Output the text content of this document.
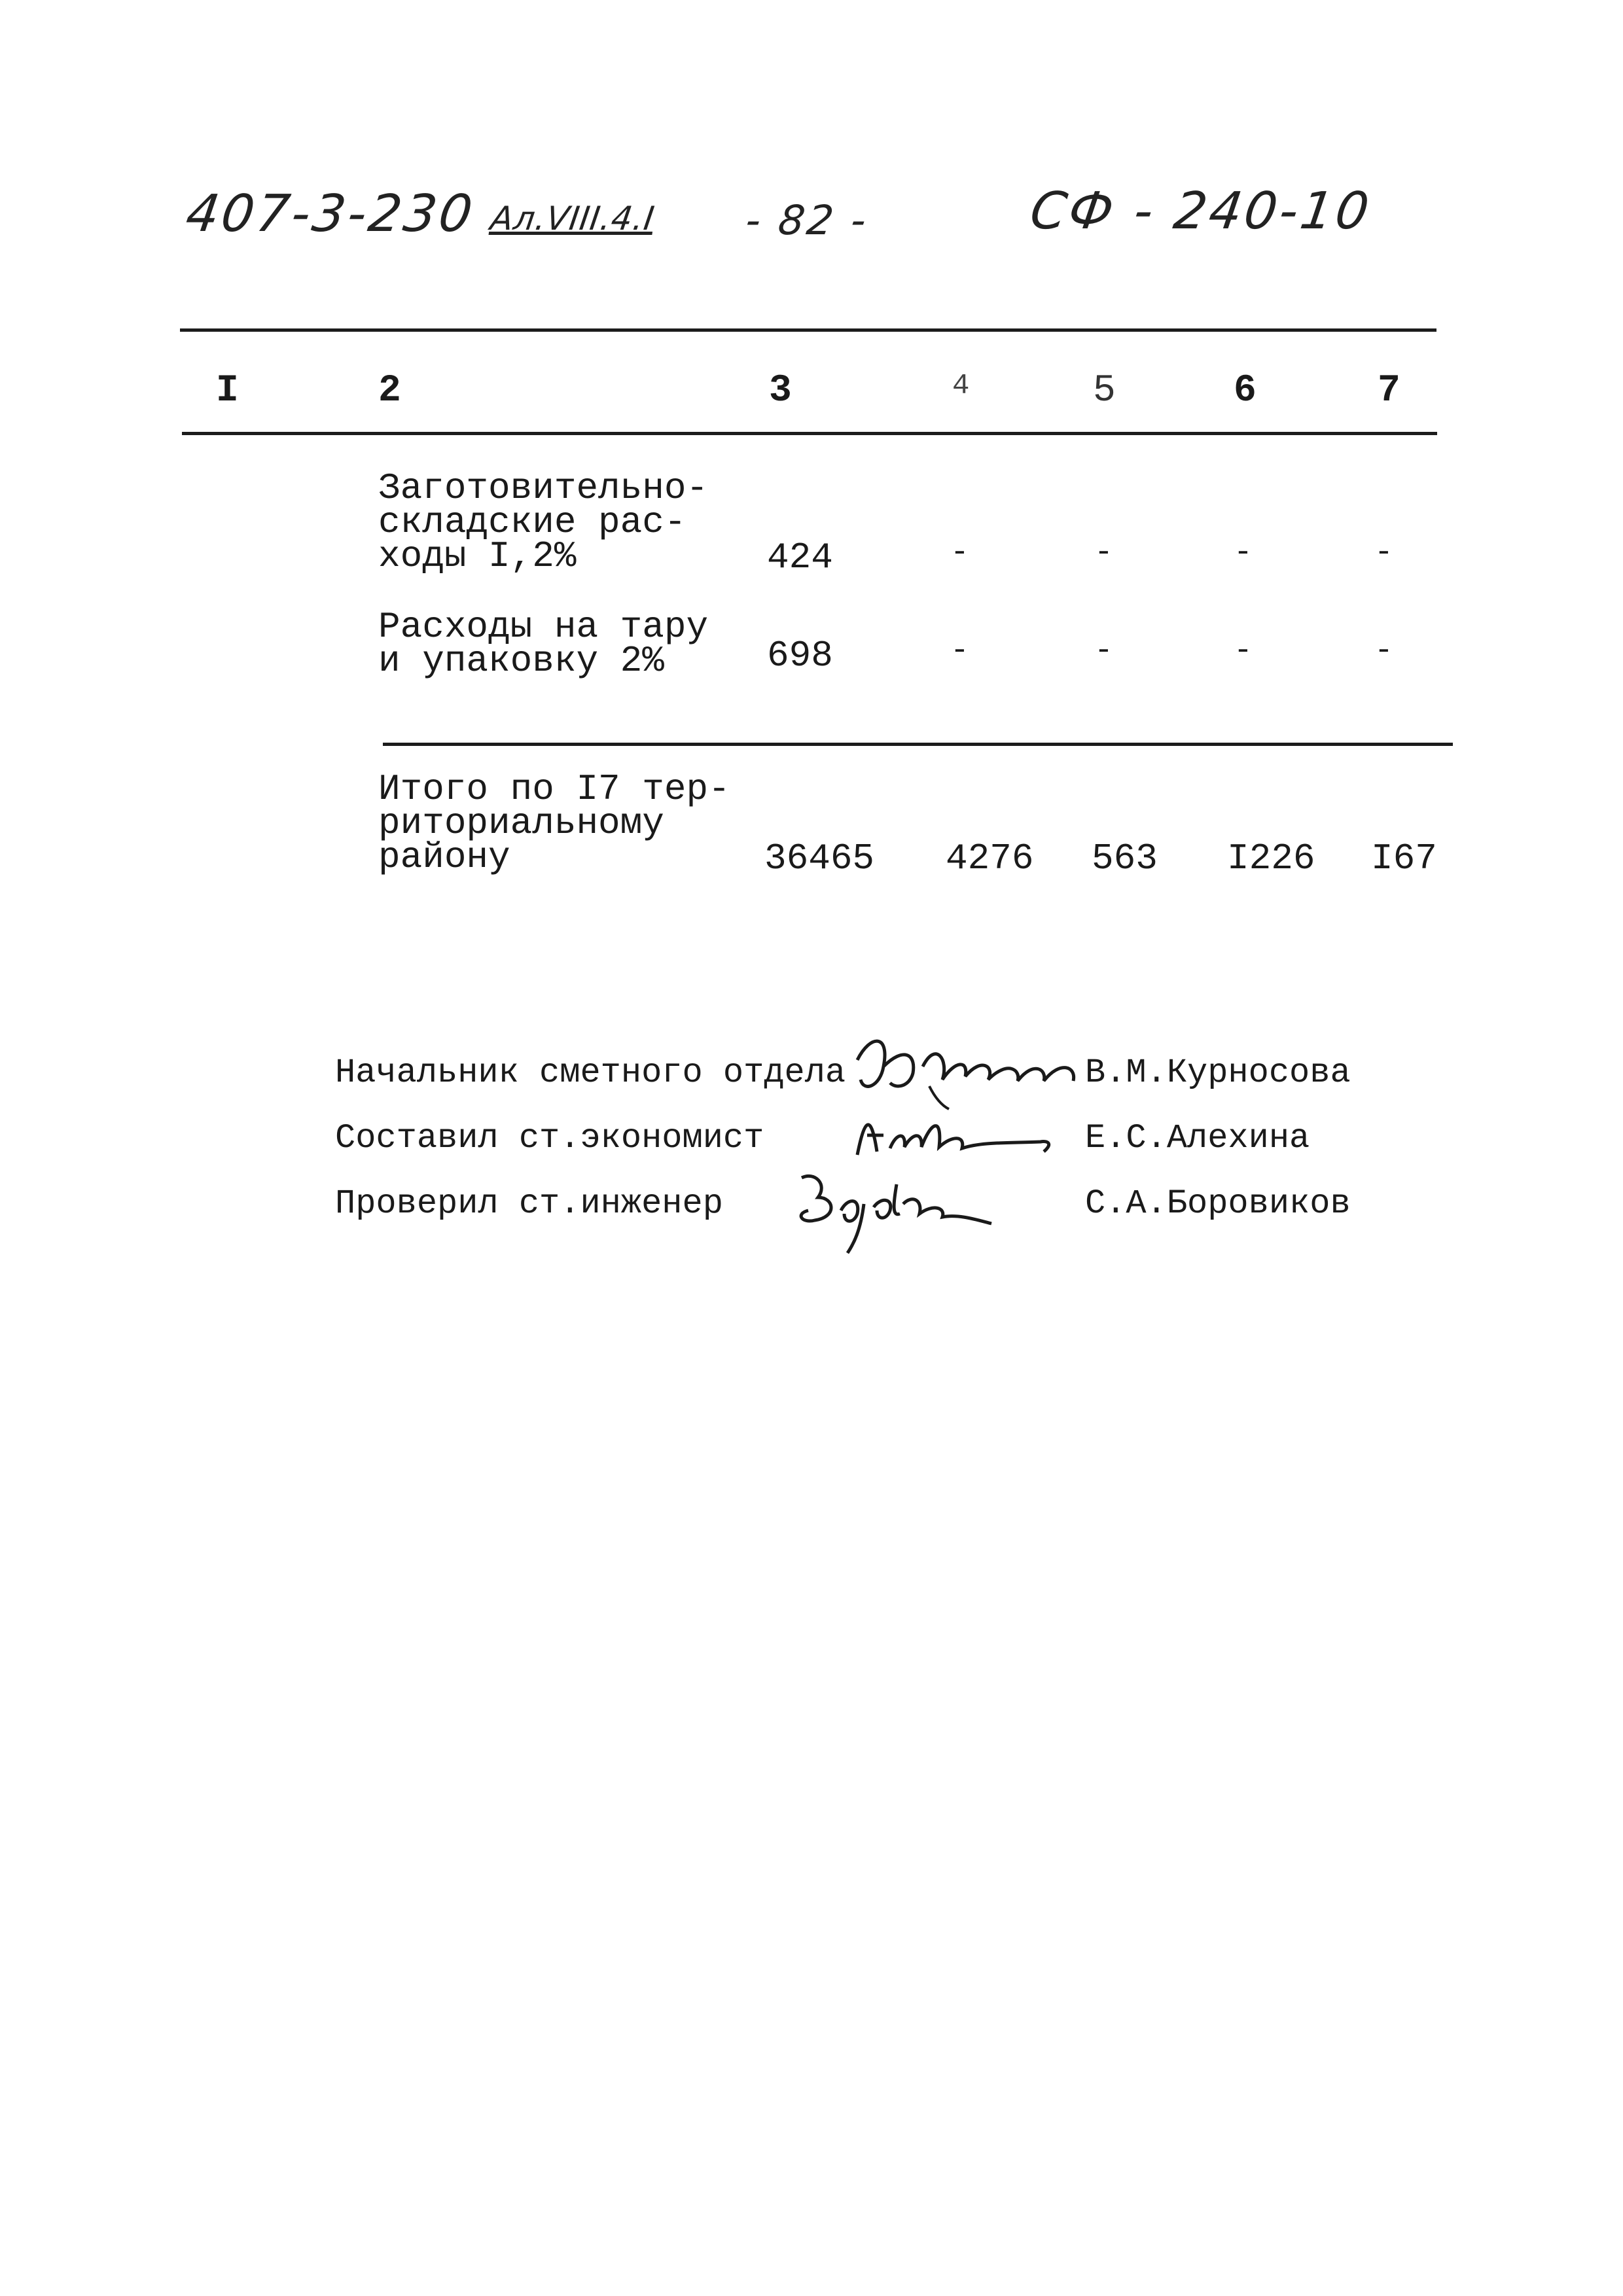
407-3-230 Ал.VIII.4.I - 82 -	СФ - 240-10
I	2	3	4	5	6	7
Заготовительно-
складские рас-
ходы I,2%	424	-	-	-	-
Расходы на тару
и упаковку 2%	698	-	-	-	-
Итого по I7 тер-
риториальному
району	36465 4276 563 I226 I67
Начальник сметного отдела	В.М.Курносова
Составил ст.экономист	Е.С.Алехина
Проверил ст.инженер	С.А.Боровиков
